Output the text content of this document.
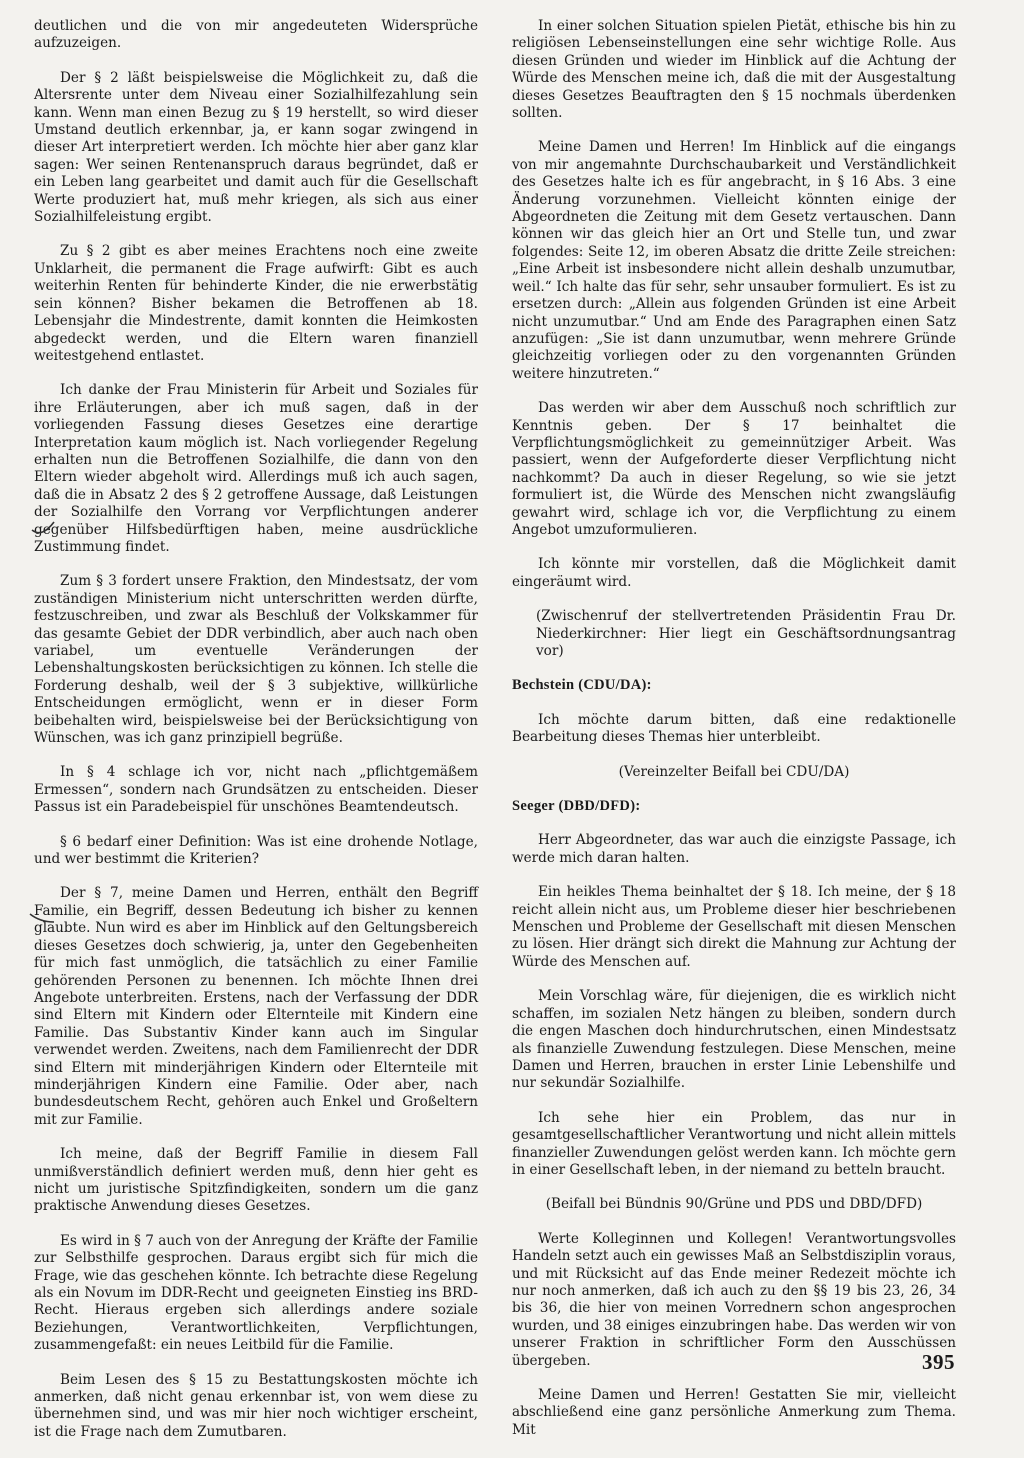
deutlichen und die von mir angedeuteten Widersprüche aufzuzeigen.

Der § 2 läßt beispielsweise die Möglichkeit zu, daß die Altersrente unter dem Niveau einer Sozialhilfezahlung sein kann. Wenn man einen Bezug zu § 19 herstellt, so wird dieser Umstand deutlich erkennbar, ja, er kann sogar zwingend in dieser Art interpretiert werden. Ich möchte hier aber ganz klar sagen: Wer seinen Rentenanspruch daraus begründet, daß er ein Leben lang gearbeitet und damit auch für die Gesellschaft Werte produziert hat, muß mehr kriegen, als sich aus einer Sozialhilfeleistung ergibt.

Zu § 2 gibt es aber meines Erachtens noch eine zweite Unklarheit, die permanent die Frage aufwirft: Gibt es auch weiterhin Renten für behinderte Kinder, die nie erwerbstätig sein können? Bisher bekamen die Betroffenen ab 18. Lebensjahr die Mindestrente, damit konnten die Heimkosten abgedeckt werden, und die Eltern waren finanziell weitestgehend entlastet.

Ich danke der Frau Ministerin für Arbeit und Soziales für ihre Erläuterungen, aber ich muß sagen, daß in der vorliegenden Fassung dieses Gesetzes eine derartige Interpretation kaum möglich ist. Nach vorliegender Regelung erhalten nun die Betroffenen Sozialhilfe, die dann von den Eltern wieder abgeholt wird. Allerdings muß ich auch sagen, daß die in Absatz 2 des § 2 getroffene Aussage, daß Leistungen der Sozialhilfe den Vorrang vor Verpflichtungen anderer gegenüber Hilfsbedürftigen haben, meine ausdrückliche Zustimmung findet.

Zum § 3 fordert unsere Fraktion, den Mindestsatz, der vom zuständigen Ministerium nicht unterschritten werden dürfte, festzuschreiben, und zwar als Beschluß der Volkskammer für das gesamte Gebiet der DDR verbindlich, aber auch nach oben variabel, um eventuelle Veränderungen der Lebenshaltungskosten berücksichtigen zu können. Ich stelle die Forderung deshalb, weil der § 3 subjektive, willkürliche Entscheidungen ermöglicht, wenn er in dieser Form beibehalten wird, beispielsweise bei der Berücksichtigung von Wünschen, was ich ganz prinzipiell begrüße.

In § 4 schlage ich vor, nicht nach „pflichtgemäßem Ermessen“, sondern nach Grundsätzen zu entscheiden. Dieser Passus ist ein Paradebeispiel für unschönes Beamtendeutsch.

§ 6 bedarf einer Definition: Was ist eine drohende Notlage, und wer bestimmt die Kriterien?

Der § 7, meine Damen und Herren, enthält den Begriff Familie, ein Begriff, dessen Bedeutung ich bisher zu kennen glaubte. Nun wird es aber im Hinblick auf den Geltungsbereich dieses Gesetzes doch schwierig, ja, unter den Gegebenheiten für mich fast unmöglich, die tatsächlich zu einer Familie gehörenden Personen zu benennen. Ich möchte Ihnen drei Angebote unterbreiten. Erstens, nach der Verfassung der DDR sind Eltern mit Kindern oder Elternteile mit Kindern eine Familie. Das Substantiv Kinder kann auch im Singular verwendet werden. Zweitens, nach dem Familienrecht der DDR sind Eltern mit minderjährigen Kindern oder Elternteile mit minderjährigen Kindern eine Familie. Oder aber, nach bundesdeutschem Recht, gehören auch Enkel und Großeltern mit zur Familie.

Ich meine, daß der Begriff Familie in diesem Fall unmißverständlich definiert werden muß, denn hier geht es nicht um juristische Spitzfindigkeiten, sondern um die ganz praktische Anwendung dieses Gesetzes.

Es wird in § 7 auch von der Anregung der Kräfte der Familie zur Selbsthilfe gesprochen. Daraus ergibt sich für mich die Frage, wie das geschehen könnte. Ich betrachte diese Regelung als ein Novum im DDR-Recht und geeigneten Einstieg ins BRD-Recht. Hieraus ergeben sich allerdings andere soziale Beziehungen, Verantwortlichkeiten, Verpflichtungen, zusammengefaßt: ein neues Leitbild für die Familie.

Beim Lesen des § 15 zu Bestattungskosten möchte ich anmerken, daß nicht genau erkennbar ist, von wem diese zu übernehmen sind, und was mir hier noch wichtiger erscheint, ist die Frage nach dem Zumutbaren.

In einer solchen Situation spielen Pietät, ethische bis hin zu religiösen Lebenseinstellungen eine sehr wichtige Rolle. Aus diesen Gründen und wieder im Hinblick auf die Achtung der Würde des Menschen meine ich, daß die mit der Ausgestaltung dieses Gesetzes Beauftragten den § 15 nochmals überdenken sollten.

Meine Damen und Herren! Im Hinblick auf die eingangs von mir angemahnte Durchschaubarkeit und Verständlichkeit des Gesetzes halte ich es für angebracht, in § 16 Abs. 3 eine Änderung vorzunehmen. Vielleicht könnten einige der Abgeordneten die Zeitung mit dem Gesetz vertauschen. Dann können wir das gleich hier an Ort und Stelle tun, und zwar folgendes: Seite 12, im oberen Absatz die dritte Zeile streichen: „Eine Arbeit ist insbesondere nicht allein deshalb unzumutbar, weil.“ Ich halte das für sehr, sehr unsauber formuliert. Es ist zu ersetzen durch: „Allein aus folgenden Gründen ist eine Arbeit nicht unzumutbar.“ Und am Ende des Paragraphen einen Satz anzufügen: „Sie ist dann unzumutbar, wenn mehrere Gründe gleichzeitig vorliegen oder zu den vorgenannten Gründen weitere hinzutreten.“

Das werden wir aber dem Ausschuß noch schriftlich zur Kenntnis geben. Der § 17 beinhaltet die Verpflichtungsmöglichkeit zu gemeinnütziger Arbeit. Was passiert, wenn der Aufgeforderte dieser Verpflichtung nicht nachkommt? Da auch in dieser Regelung, so wie sie jetzt formuliert ist, die Würde des Menschen nicht zwangsläufig gewahrt wird, schlage ich vor, die Verpflichtung zu einem Angebot umzuformulieren.

Ich könnte mir vorstellen, daß die Möglichkeit damit eingeräumt wird.

(Zwischenruf der stellvertretenden Präsidentin Frau Dr. Niederkirchner: Hier liegt ein Geschäftsordnungsantrag vor)

Bechstein (CDU/DA):

Ich möchte darum bitten, daß eine redaktionelle Bearbeitung dieses Themas hier unterbleibt.

(Vereinzelter Beifall bei CDU/DA)

Seeger (DBD/DFD):

Herr Abgeordneter, das war auch die einzigste Passage, ich werde mich daran halten.

Ein heikles Thema beinhaltet der § 18. Ich meine, der § 18 reicht allein nicht aus, um Probleme dieser hier beschriebenen Menschen und Probleme der Gesellschaft mit diesen Menschen zu lösen. Hier drängt sich direkt die Mahnung zur Achtung der Würde des Menschen auf.

Mein Vorschlag wäre, für diejenigen, die es wirklich nicht schaffen, im sozialen Netz hängen zu bleiben, sondern durch die engen Maschen doch hindurchrutschen, einen Mindestsatz als finanzielle Zuwendung festzulegen. Diese Menschen, meine Damen und Herren, brauchen in erster Linie Lebenshilfe und nur sekundär Sozialhilfe.

Ich sehe hier ein Problem, das nur in gesamtgesellschaftlicher Verantwortung und nicht allein mittels finanzieller Zuwendungen gelöst werden kann. Ich möchte gern in einer Gesellschaft leben, in der niemand zu betteln braucht.

(Beifall bei Bündnis 90/Grüne und PDS und DBD/DFD)

Werte Kolleginnen und Kollegen! Verantwortungsvolles Handeln setzt auch ein gewisses Maß an Selbstdisziplin voraus, und mit Rücksicht auf das Ende meiner Redezeit möchte ich nur noch anmerken, daß ich auch zu den §§ 19 bis 23, 26, 34 bis 36, die hier von meinen Vorrednern schon angesprochen wurden, und 38 einiges einzubringen habe. Das werden wir von unserer Fraktion in schriftlicher Form den Ausschüssen übergeben.

Meine Damen und Herren! Gestatten Sie mir, vielleicht abschließend eine ganz persönliche Anmerkung zum Thema. Mit

395
